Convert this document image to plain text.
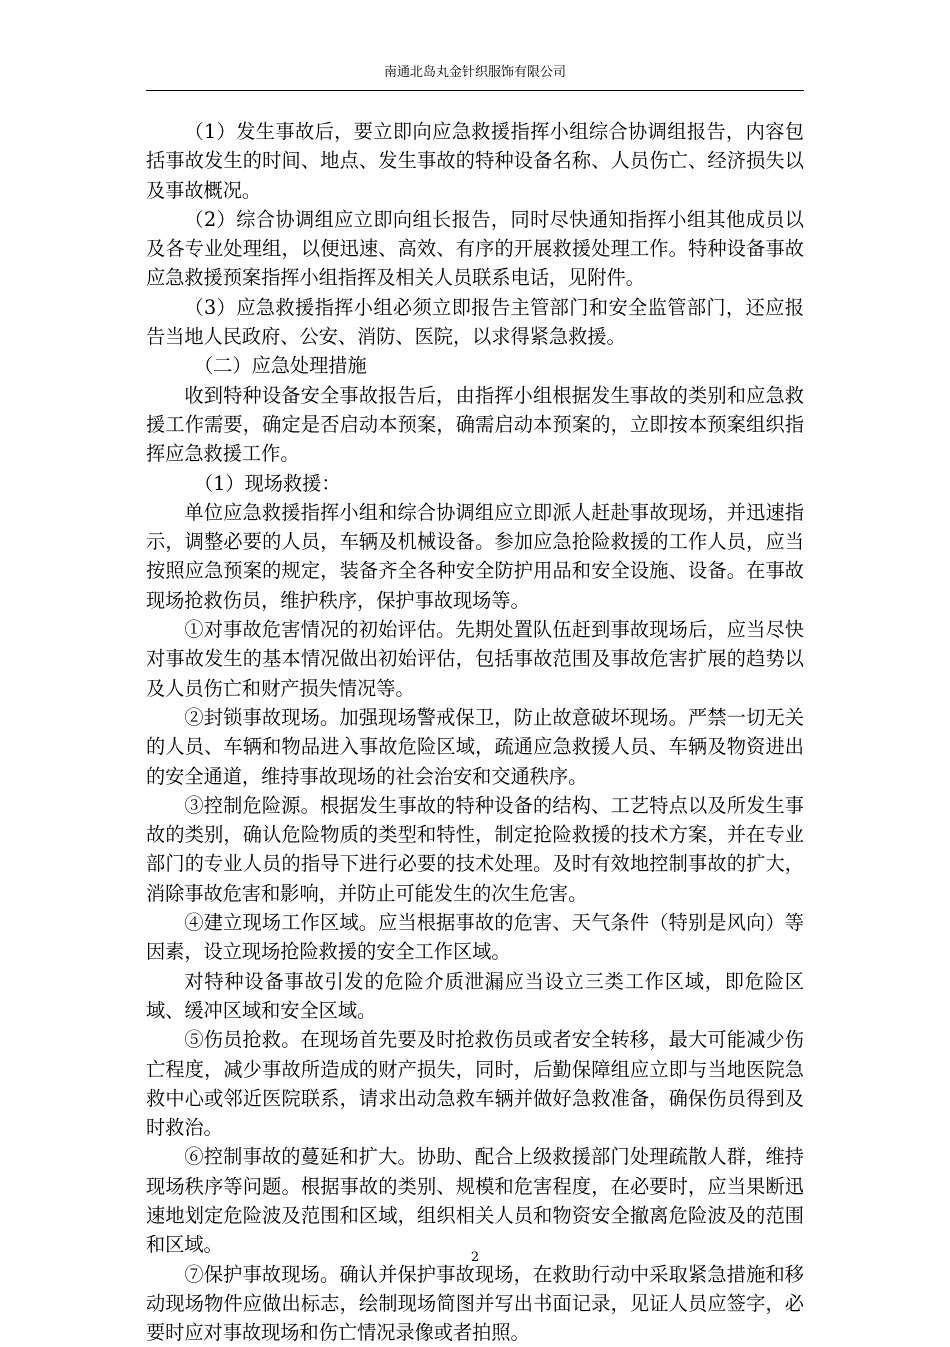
南通北岛丸金针织服饰有限公司

（1）发生事故后，要立即向应急救援指挥小组综合协调组报告，内容包括事故发生的时间、地点、发生事故的特种设备名称、人员伤亡、经济损失以及事故概况。

（2）综合协调组应立即向组长报告，同时尽快通知指挥小组其他成员以及各专业处理组，以便迅速、高效、有序的开展救援处理工作。特种设备事故应急救援预案指挥小组指挥及相关人员联系电话，见附件。

（3）应急救援指挥小组必须立即报告主管部门和安全监管部门，还应报告当地人民政府、公安、消防、医院，以求得紧急救援。

（二）应急处理措施

收到特种设备安全事故报告后，由指挥小组根据发生事故的类别和应急救援工作需要，确定是否启动本预案，确需启动本预案的，立即按本预案组织指挥应急救援工作。

（1）现场救援：

单位应急救援指挥小组和综合协调组应立即派人赶赴事故现场，并迅速指示，调整必要的人员，车辆及机械设备。参加应急抢险救援的工作人员，应当按照应急预案的规定，装备齐全各种安全防护用品和安全设施、设备。在事故现场抢救伤员，维护秩序，保护事故现场等。

①对事故危害情况的初始评估。先期处置队伍赶到事故现场后，应当尽快对事故发生的基本情况做出初始评估，包括事故范围及事故危害扩展的趋势以及人员伤亡和财产损失情况等。

②封锁事故现场。加强现场警戒保卫，防止故意破坏现场。严禁一切无关的人员、车辆和物品进入事故危险区域，疏通应急救援人员、车辆及物资进出的安全通道，维持事故现场的社会治安和交通秩序。

③控制危险源。根据发生事故的特种设备的结构、工艺特点以及所发生事故的类别，确认危险物质的类型和特性，制定抢险救援的技术方案，并在专业部门的专业人员的指导下进行必要的技术处理。及时有效地控制事故的扩大，消除事故危害和影响，并防止可能发生的次生危害。

④建立现场工作区域。应当根据事故的危害、天气条件（特别是风向）等因素，设立现场抢险救援的安全工作区域。

对特种设备事故引发的危险介质泄漏应当设立三类工作区域，即危险区域、缓冲区域和安全区域。

⑤伤员抢救。在现场首先要及时抢救伤员或者安全转移，最大可能减少伤亡程度，减少事故所造成的财产损失，同时，后勤保障组应立即与当地医院急救中心或邻近医院联系，请求出动急救车辆并做好急救准备，确保伤员得到及时救治。

⑥控制事故的蔓延和扩大。协助、配合上级救援部门处理疏散人群，维持现场秩序等问题。根据事故的类别、规模和危害程度，在必要时，应当果断迅速地划定危险波及范围和区域，组织相关人员和物资安全撤离危险波及的范围和区域。

⑦保护事故现场。确认并保护事故现场，在救助行动中采取紧急措施和移动现场物件应做出标志，绘制现场简图并写出书面记录，见证人员应签字，必要时应对事故现场和伤亡情况录像或者拍照。

2
